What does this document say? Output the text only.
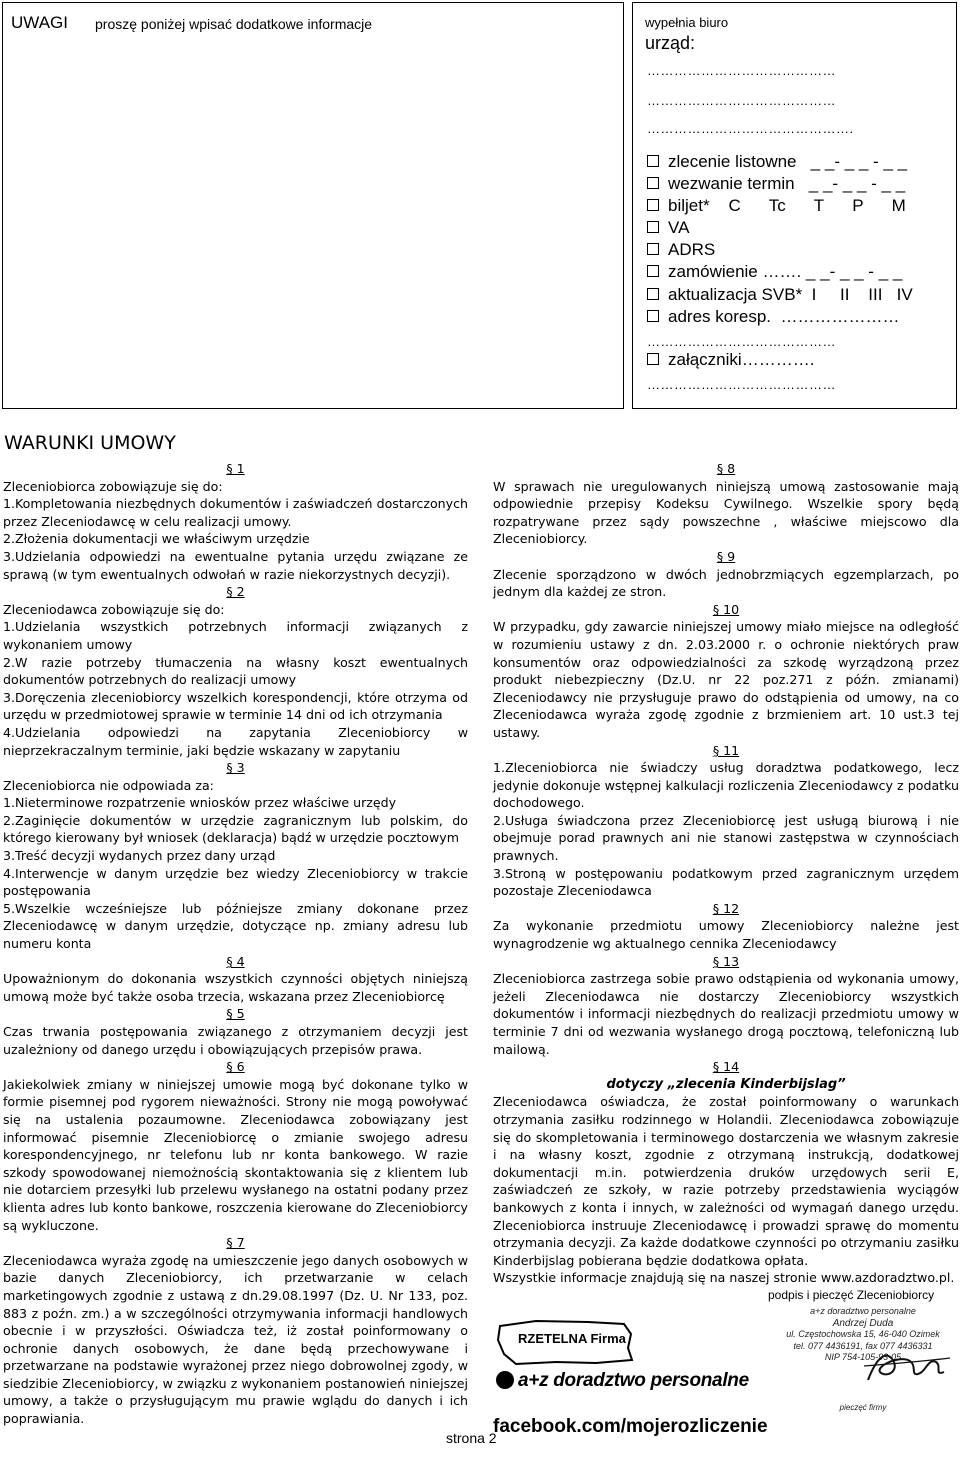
UWAGI proszę poniżej wpisać dodatkowe informacje	wypełnia biuro
urząd:
……………………………………
……………………………………
……………………………………….
zlecenie listowne   _ _- _ _ - _ _
wezwanie termin   _ _- _ _ - _ _
biljet*    C      Tc      T      P      M
VA
ADRS
zamówienie ……. _ _- _ _ - _ _
aktualizacja SVB*  I     II    III   IV
adres koresp.  …………………
……………………………………
załączniki………….
……………………………………
WARUNKI UMOWY

§ 1

Zleceniobiorca zobowiązuje się do:

1.Kompletowania niezbędnych dokumentów i zaświadczeń dostarczonych przez Zleceniodawcę w celu realizacji umowy.

2.Złożenia dokumentacji we właściwym urzędzie

3.Udzielania odpowiedzi na ewentualne pytania urzędu związane ze sprawą (w tym ewentualnych odwołań w razie niekorzystnych decyzji).

§ 2

Zleceniodawca zobowiązuje się do:

1.Udzielania wszystkich potrzebnych informacji związanych z wykonaniem umowy

2.W razie potrzeby tłumaczenia na własny koszt ewentualnych dokumentów potrzebnych do realizacji umowy

3.Doręczenia zleceniobiorcy wszelkich korespondencji, które otrzyma od urzędu w przedmiotowej sprawie w terminie 14 dni od ich otrzymania

4.Udzielania odpowiedzi na zapytania Zleceniobiorcy w nieprzekraczalnym terminie, jaki będzie wskazany w zapytaniu

§ 3

Zleceniobiorca nie odpowiada za:

1.Nieterminowe rozpatrzenie wniosków przez właściwe urzędy

2.Zaginięcie dokumentów w urzędzie zagranicznym lub polskim, do którego kierowany był wniosek (deklaracja) bądź w urzędzie pocztowym

3.Treść decyzji wydanych przez dany urząd

4.Interwencje w danym urzędzie bez wiedzy Zleceniobiorcy w trakcie postępowania

5.Wszelkie wcześniejsze lub późniejsze zmiany dokonane przez Zleceniodawcę w danym urzędzie, dotyczące np. zmiany adresu lub numeru konta

§ 4

Upoważnionym do dokonania wszystkich czynności objętych niniejszą umową może być także osoba trzecia, wskazana przez Zleceniobiorcę

§ 5

Czas trwania postępowania związanego z otrzymaniem decyzji jest uzależniony od danego urzędu i obowiązujących przepisów prawa.

§ 6

Jakiekolwiek zmiany w niniejszej umowie mogą być dokonane tylko w formie pisemnej pod rygorem nieważności. Strony nie mogą powoływać się na ustalenia pozaumowne. Zleceniodawca zobowiązany jest informować pisemnie Zleceniobiorcę o zmianie swojego adresu korespondencyjnego, nr telefonu lub nr konta bankowego. W razie szkody spowodowanej niemożnością skontaktowania się z klientem lub nie dotarciem przesyłki lub przelewu wysłanego na ostatni podany przez klienta adres lub konto bankowe, roszczenia kierowane do Zleceniobiorcy są wykluczone.

§ 7

Zleceniodawca wyraża zgodę na umieszczenie jego danych osobowych w bazie danych Zleceniobiorcy, ich przetwarzanie w celach marketingowych zgodnie z ustawą z dn.29.08.1997 (Dz. U. Nr 133, poz. 883 z poźn. zm.) a w szczególności otrzymywania informacji handlowych obecnie i w przyszłości. Oświadcza też, iż został poinformowany o ochronie danych osobowych, że dane będą przechowywane i przetwarzane na podstawie wyrażonej przez niego dobrowolnej zgody, w siedzibie Zleceniobiorcy, w związku z wykonaniem postanowień niniejszej umowy, a także o przysługującym mu prawie wglądu do danych i ich poprawiania.

§ 8

W sprawach nie uregulowanych niniejszą umową zastosowanie mają odpowiednie przepisy Kodeksu Cywilnego. Wszelkie spory będą rozpatrywane przez sądy powszechne , właściwe miejscowo dla Zleceniobiorcy.

§ 9

Zlecenie sporządzono w dwóch jednobrzmiących egzemplarzach, po jednym dla każdej ze stron.

§ 10

W przypadku, gdy zawarcie niniejszej umowy miało miejsce na odległość w rozumieniu ustawy z dn. 2.03.2000 r. o ochronie niektórych praw konsumentów oraz odpowiedzialności za szkodę wyrządzoną przez produkt niebezpieczny (Dz.U. nr 22 poz.271 z późn. zmianami) Zleceniodawcy nie przysługuje prawo do odstąpienia od umowy, na co Zleceniodawca wyraża zgodę zgodnie z brzmieniem art. 10 ust.3 tej ustawy.

§ 11

1.Zleceniobiorca nie świadczy usług doradztwa podatkowego, lecz jedynie dokonuje wstępnej kalkulacji rozliczenia Zleceniodawcy z podatku dochodowego.

2.Usługa świadczona przez Zleceniobiorcę jest usługą biurową i nie obejmuje porad prawnych ani nie stanowi zastępstwa w czynnościach prawnych.

3.Stroną w postępowaniu podatkowym przed zagranicznym urzędem pozostaje Zleceniodawca

§ 12

Za wykonanie przedmiotu umowy Zleceniobiorcy należne jest wynagrodzenie wg aktualnego cennika Zleceniodawcy

§ 13

Zleceniobiorca zastrzega sobie prawo odstąpienia od wykonania umowy, jeżeli Zleceniodawca nie dostarczy Zleceniobiorcy wszystkich dokumentów i informacji niezbędnych do realizacji przedmiotu umowy w terminie 7 dni od wezwania wysłanego drogą pocztową, telefoniczną lub mailową.

§ 14

dotyczy „zlecenia Kinderbijslag”

Zleceniodawca oświadcza, że został poinformowany o warunkach otrzymania zasiłku rodzinnego w Holandii. Zleceniodawca zobowiązuje się do skompletowania i terminowego dostarczenia we własnym zakresie i na własny koszt, zgodnie z otrzymaną instrukcją, dodatkowej dokumentacji m.in. potwierdzenia druków urzędowych serii E, zaświadczeń ze szkoły, w razie potrzeby przedstawienia wyciągów bankowych z konta i innych, w zależności od wymagań danego urzędu. Zleceniobiorca instruuje Zleceniodawcę i prowadzi sprawę do momentu otrzymania decyzji. Za każde dodatkowe czynności po otrzymaniu zasiłku Kinderbijslag pobierana będzie dodatkowa opłata.

Wszystkie informacje znajdują się na naszej stronie www.azdoradztwo.pl.

podpis i pieczęć Zleceniobiorcy
RZETELNA Firma
a+z doradztwo personalne
a+z doradztwo personalne
Andrzej Duda
ul. Częstochowska 15, 46-040 Ozimek
tel. 077 4436191, fax 077 4436331
NIP 754-105-93-05
pieczęć firmy
facebook.com/mojerozliczenie
strona 2
